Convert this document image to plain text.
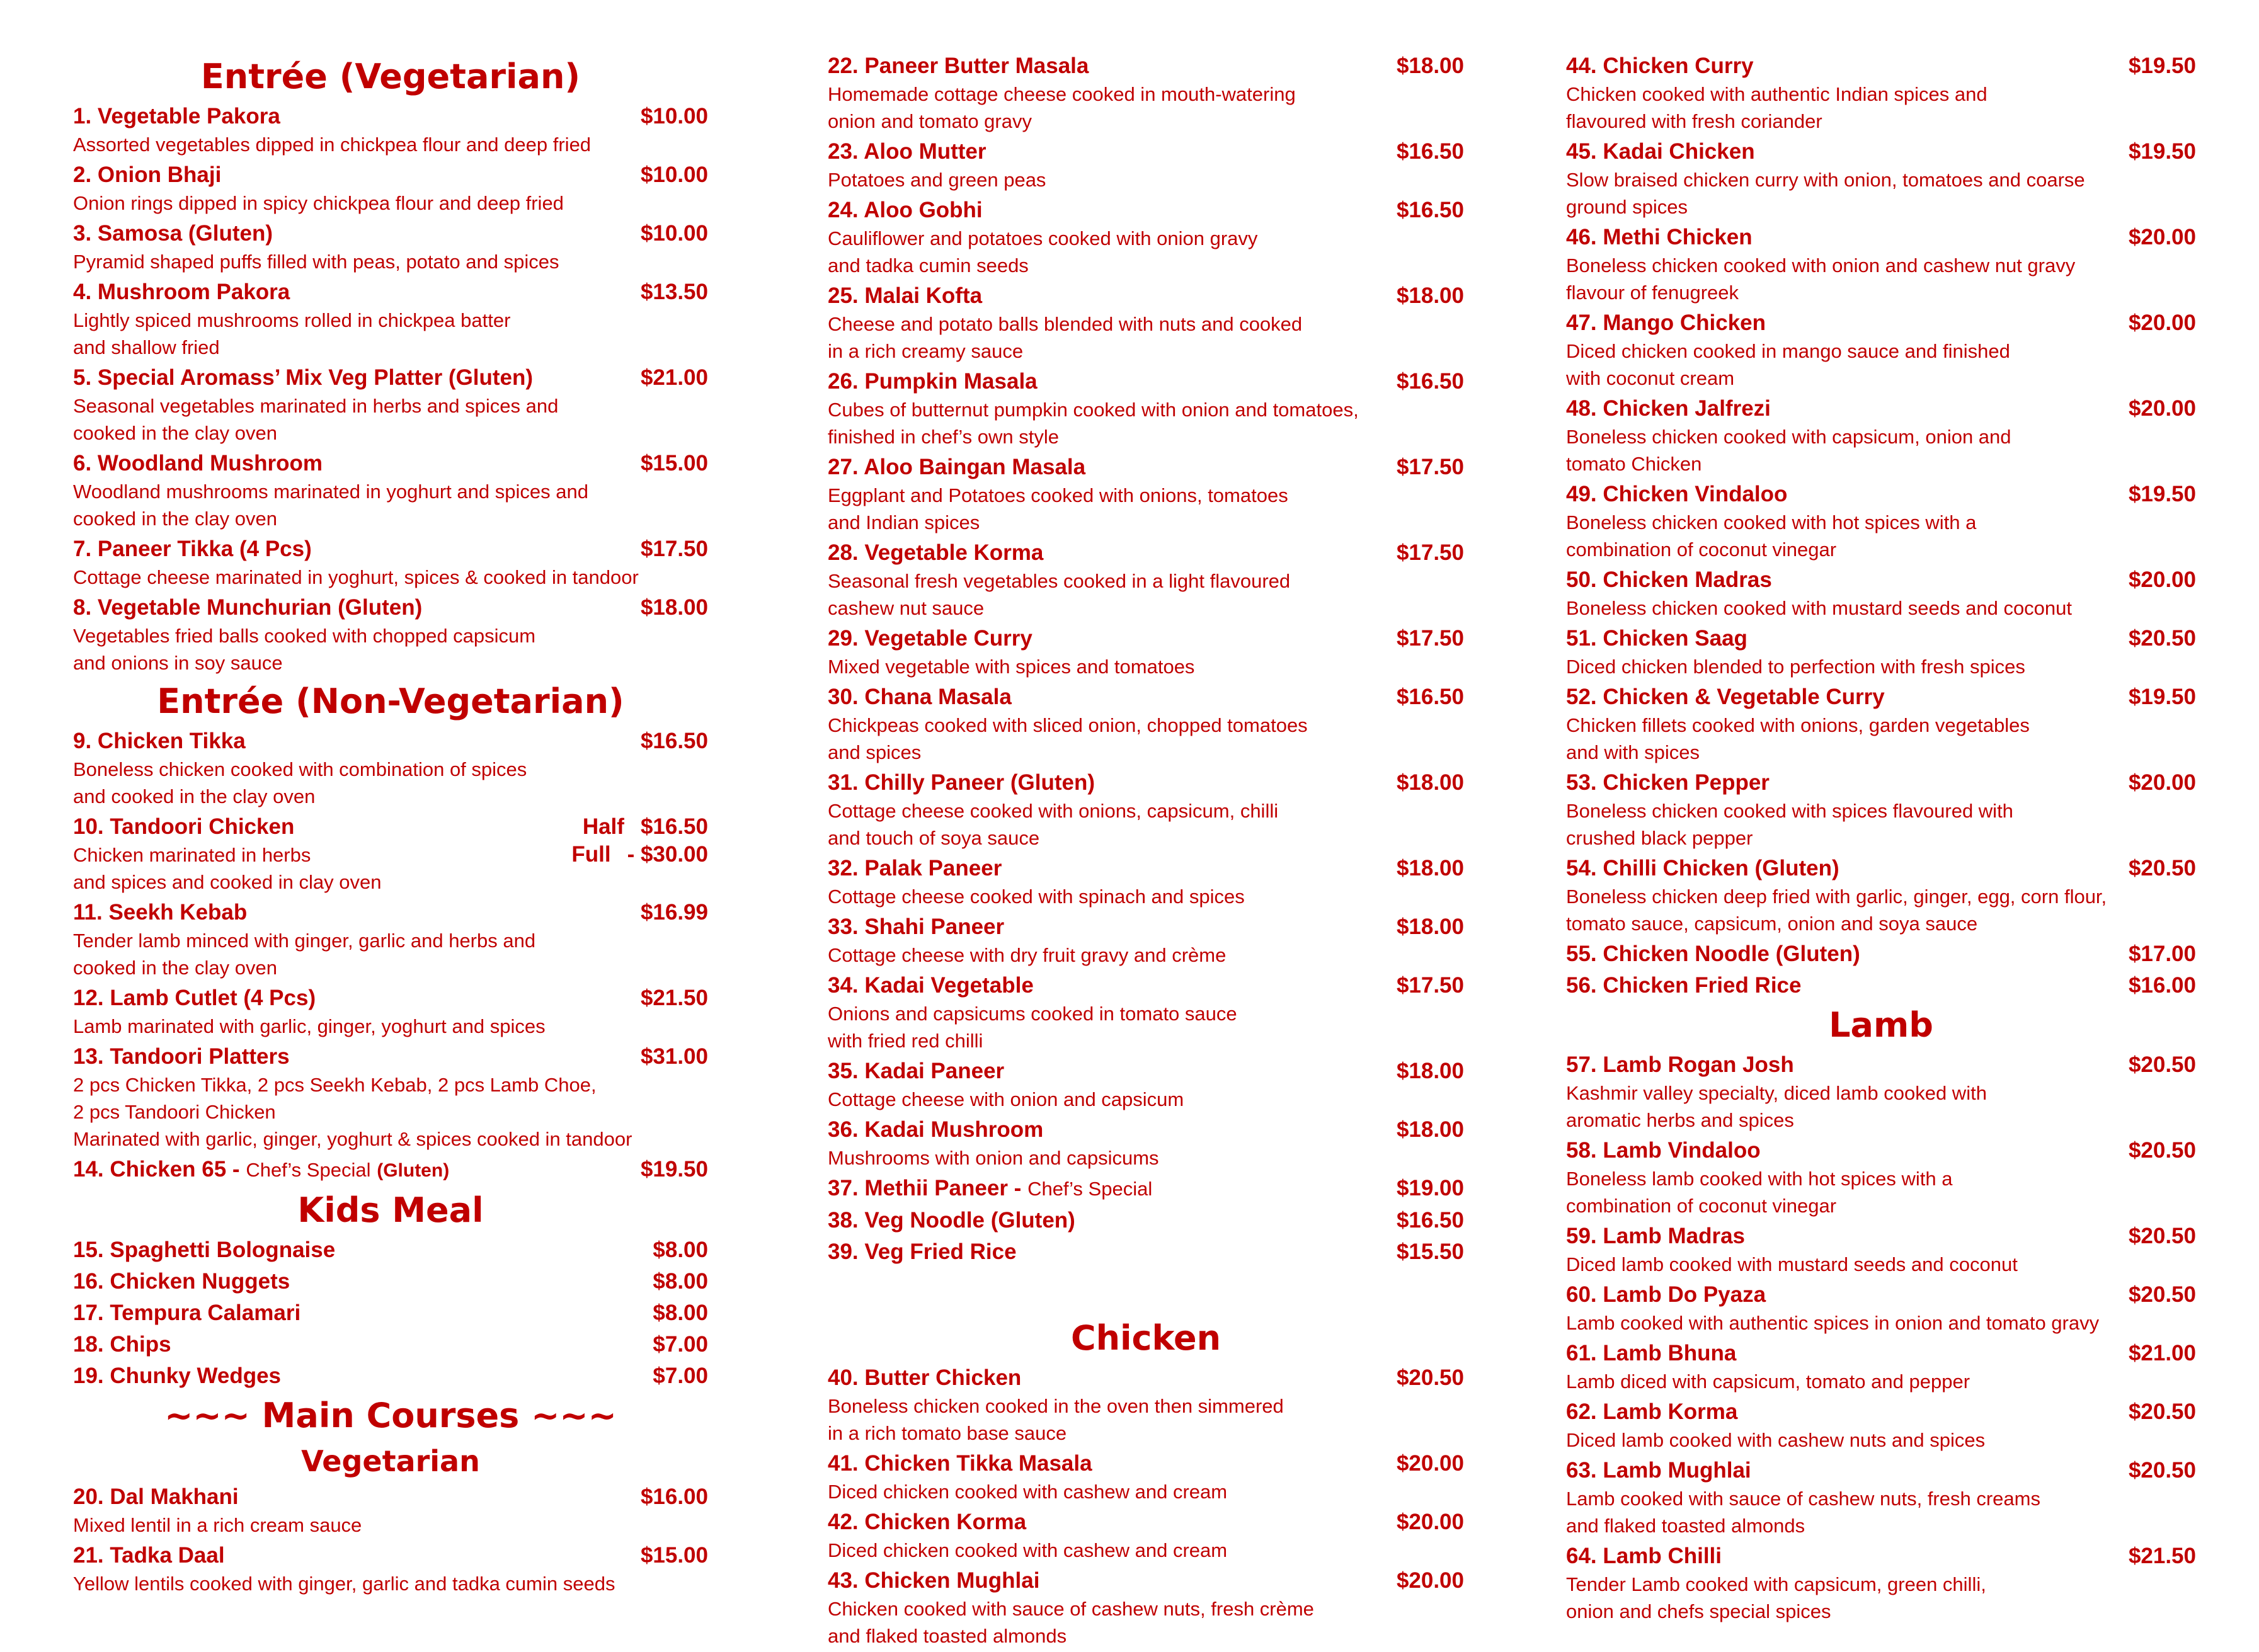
Entrée (Vegetarian)
1. Vegetable Pakora	$10.00
Assorted vegetables dipped in chickpea flour and deep fried
2. Onion Bhaji	$10.00
Onion rings dipped in spicy chickpea flour and deep fried
3. Samosa (Gluten)	$10.00
Pyramid shaped puffs filled with peas, potato and spices
4. Mushroom Pakora	$13.50
Lightly spiced mushrooms rolled in chickpea batter
and shallow fried
5. Special Aromass’ Mix Veg Platter (Gluten)	$21.00
Seasonal vegetables marinated in herbs and spices and
cooked in the clay oven
6. Woodland Mushroom	$15.00
Woodland mushrooms marinated in yoghurt and spices and
cooked in the clay oven
7. Paneer Tikka (4 Pcs)	$17.50
Cottage cheese marinated in yoghurt, spices & cooked in tandoor
8. Vegetable Munchurian (Gluten)	$18.00
Vegetables fried balls cooked with chopped capsicum
and onions in soy sauce
Entrée (Non-Vegetarian)
9. Chicken Tikka	$16.50
Boneless chicken cooked with combination of spices
and cooked in the clay oven
10. Tandoori Chicken	Half $16.50
Chicken marinated in herbs	Full - $30.00
and spices and cooked in clay oven
11. Seekh Kebab	$16.99
Tender lamb minced with ginger, garlic and herbs and
cooked in the clay oven
12. Lamb Cutlet (4 Pcs)	$21.50
Lamb marinated with garlic, ginger, yoghurt and spices
13. Tandoori Platters	$31.00
2 pcs Chicken Tikka, 2 pcs Seekh Kebab, 2 pcs Lamb Choe,
2 pcs Tandoori Chicken
Marinated with garlic, ginger, yoghurt & spices cooked in tandoor
14. Chicken 65 - Chef’s Special (Gluten)	$19.50
Kids Meal
15. Spaghetti Bolognaise	$8.00
16. Chicken Nuggets	$8.00
17. Tempura Calamari	$8.00
18. Chips	$7.00
19. Chunky Wedges	$7.00
~~~ Main Courses ~~~
Vegetarian
20. Dal Makhani	$16.00
Mixed lentil in a rich cream sauce
21. Tadka Daal	$15.00
Yellow lentils cooked with ginger, garlic and tadka cumin seeds
22. Paneer Butter Masala	$18.00
Homemade cottage cheese cooked in mouth-watering
onion and tomato gravy
23. Aloo Mutter	$16.50
Potatoes and green peas
24. Aloo Gobhi	$16.50
Cauliflower and potatoes cooked with onion gravy
and tadka cumin seeds
25. Malai Kofta	$18.00
Cheese and potato balls blended with nuts and cooked
in a rich creamy sauce
26. Pumpkin Masala	$16.50
Cubes of butternut pumpkin cooked with onion and tomatoes,
finished in chef’s own style
27. Aloo Baingan Masala	$17.50
Eggplant and Potatoes cooked with onions, tomatoes
and Indian spices
28. Vegetable Korma	$17.50
Seasonal fresh vegetables cooked in a light flavoured
cashew nut sauce
29. Vegetable Curry	$17.50
Mixed vegetable with spices and tomatoes
30. Chana Masala	$16.50
Chickpeas cooked with sliced onion, chopped tomatoes
and spices
31. Chilly Paneer (Gluten)	$18.00
Cottage cheese cooked with onions, capsicum, chilli
and touch of soya sauce
32. Palak Paneer	$18.00
Cottage cheese cooked with spinach and spices
33. Shahi Paneer	$18.00
Cottage cheese with dry fruit gravy and crème
34. Kadai Vegetable	$17.50
Onions and capsicums cooked in tomato sauce
with fried red chilli
35. Kadai Paneer	$18.00
Cottage cheese with onion and capsicum
36. Kadai Mushroom	$18.00
Mushrooms with onion and capsicums
37. Methii Paneer - Chef’s Special	$19.00
38. Veg Noodle (Gluten)	$16.50
39. Veg Fried Rice	$15.50
Chicken
40. Butter Chicken	$20.50
Boneless chicken cooked in the oven then simmered
in a rich tomato base sauce
41. Chicken Tikka Masala	$20.00
Diced chicken cooked with cashew and cream
42. Chicken Korma	$20.00
Diced chicken cooked with cashew and cream
43. Chicken Mughlai	$20.00
Chicken cooked with sauce of cashew nuts, fresh crème
and flaked toasted almonds
44. Chicken Curry	$19.50
Chicken cooked with authentic Indian spices and
flavoured with fresh coriander
45. Kadai Chicken	$19.50
Slow braised chicken curry with onion, tomatoes and coarse
ground spices
46. Methi Chicken	$20.00
Boneless chicken cooked with onion and cashew nut gravy
flavour of fenugreek
47. Mango Chicken	$20.00
Diced chicken cooked in mango sauce and finished
with coconut cream
48. Chicken Jalfrezi	$20.00
Boneless chicken cooked with capsicum, onion and
tomato Chicken
49. Chicken Vindaloo	$19.50
Boneless chicken cooked with hot spices with a
combination of coconut vinegar
50. Chicken Madras	$20.00
Boneless chicken cooked with mustard seeds and coconut
51. Chicken Saag	$20.50
Diced chicken blended to perfection with fresh spices
52. Chicken & Vegetable Curry	$19.50
Chicken fillets cooked with onions, garden vegetables
and with spices
53. Chicken Pepper	$20.00
Boneless chicken cooked with spices flavoured with
crushed black pepper
54. Chilli Chicken (Gluten)	$20.50
Boneless chicken deep fried with garlic, ginger, egg, corn flour,
tomato sauce, capsicum, onion and soya sauce
55. Chicken Noodle (Gluten)	$17.00
56. Chicken Fried Rice	$16.00
Lamb
57. Lamb Rogan Josh	$20.50
Kashmir valley specialty, diced lamb cooked with
aromatic herbs and spices
58. Lamb Vindaloo	$20.50
Boneless lamb cooked with hot spices with a
combination of coconut vinegar
59. Lamb Madras	$20.50
Diced lamb cooked with mustard seeds and coconut
60. Lamb Do Pyaza	$20.50
Lamb cooked with authentic spices in onion and tomato gravy
61. Lamb Bhuna	$21.00
Lamb diced with capsicum, tomato and pepper
62. Lamb Korma	$20.50
Diced lamb cooked with cashew nuts and spices
63. Lamb Mughlai	$20.50
Lamb cooked with sauce of cashew nuts, fresh creams
and flaked toasted almonds
64. Lamb Chilli	$21.50
Tender Lamb cooked with capsicum, green chilli,
onion and chefs special spices
